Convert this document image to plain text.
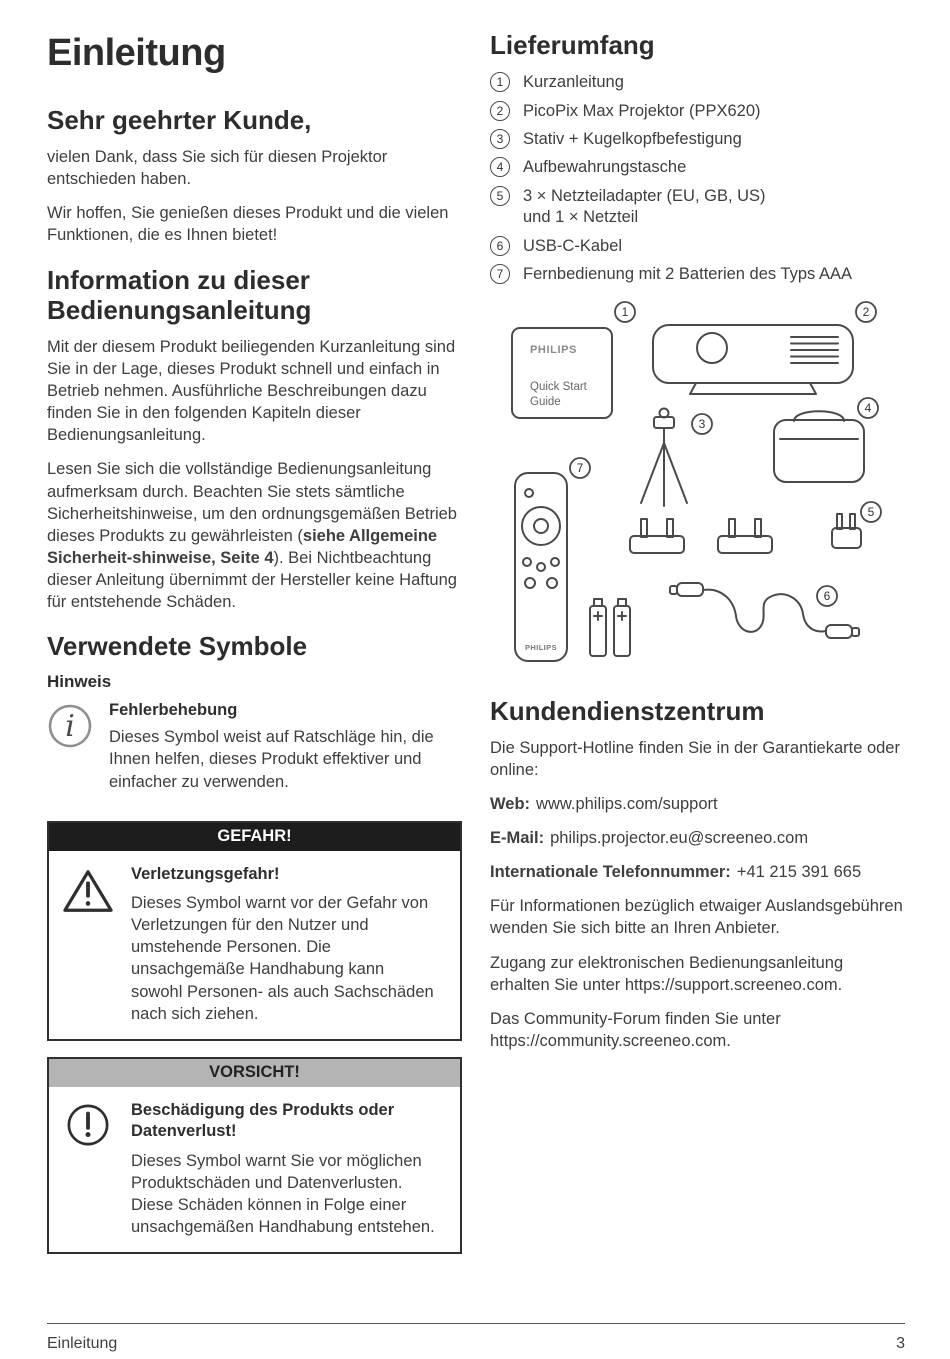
Einleitung
Sehr geehrter Kunde,

vielen Dank, dass Sie sich für diesen Projektor entschieden haben.

Wir hoffen, Sie genießen dieses Produkt und die vielen Funktionen, die es Ihnen bietet!

Information zu dieser Bedienungsanleitung

Mit der diesem Produkt beiliegenden Kurzanleitung sind Sie in der Lage, dieses Produkt schnell und einfach in Betrieb nehmen. Ausführliche Beschreibungen dazu finden Sie in den folgenden Kapiteln dieser Bedienungsanleitung.

Lesen Sie sich die vollständige Bedienungsanleitung aufmerksam durch. Beachten Sie stets sämtliche Sicherheitshinweise, um den ordnungsgemäßen Betrieb dieses Produkts zu gewährleisten (siehe Allgemeine Sicherheit-shinweise, Seite 4). Bei Nichtbeachtung dieser Anleitung übernimmt der Hersteller keine Haftung für entstehende Schäden.

Verwendete Symbole
Hinweis
i Fehlerbehebung

Dieses Symbol weist auf Ratschläge hin, die Ihnen helfen, dieses Produkt effektiver und einfacher zu verwenden.

GEFAHR!
Verletzungsgefahr!

Dieses Symbol warnt vor der Gefahr von Verletzungen für den Nutzer und umstehende Personen. Die unsachgemäße Handhabung kann sowohl Personen- als auch Sachschäden nach sich ziehen.

VORSICHT!
Beschädigung des Produkts oder Datenverlust!

Dieses Symbol warnt Sie vor möglichen Produktschäden und Datenverlusten. Diese Schäden können in Folge einer unsachgemäßen Handhabung entstehen.

Lieferumfang
1	Kurzanleitung
2	PicoPix Max Projektor (PPX620)
3	Stativ + Kugelkopfbefestigung
4	Aufbewahrungstasche
5	3 × Netzteiladapter (EU, GB, US)
und 1 × Netzteil
6	USB-C-Kabel
7	Fernbedienung mit 2 Batterien des Typs AAA
1	2
3
4
5
6
7
PHILIPS
Quick Start
Guide
PHILIPS
Kundendienstzentrum

Die Support-Hotline finden Sie in der Garantiekarte oder online:

Web: www.philips.com/support

E-Mail: philips.projector.eu@screeneo.com

Internationale Telefonnummer: +41 215 391 665

Für Informationen bezüglich etwaiger Auslandsgebühren wenden Sie sich bitte an Ihren Anbieter.

Zugang zur elektronischen Bedienungsanleitung erhalten Sie unter https://support.screeneo.com.

Das Community-Forum finden Sie unter https://community.screeneo.com.

Einleitung	3
